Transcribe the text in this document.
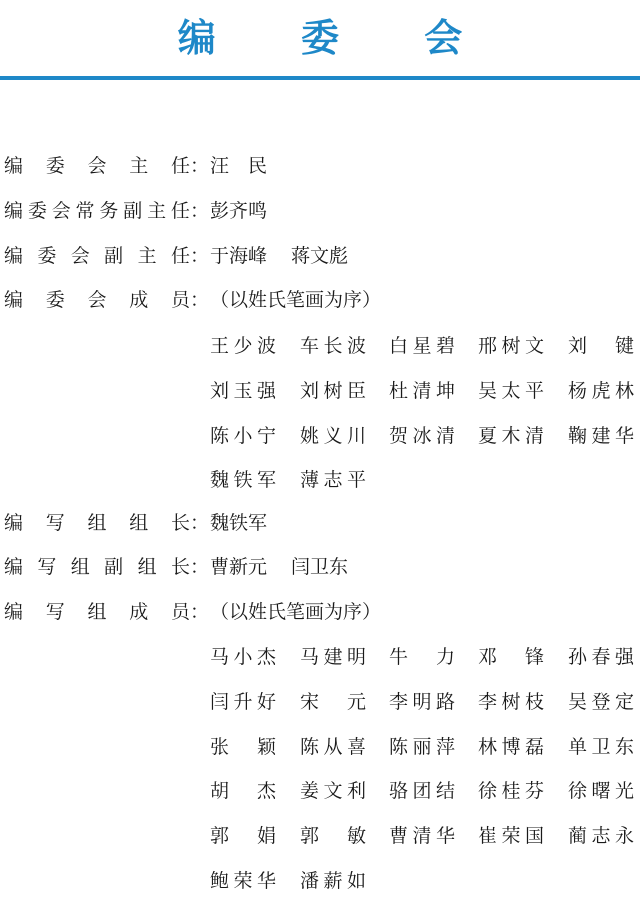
编 委 会
编 委 会 主 任 ： 汪　民
编 委 会 常 务 副 主 任 ： 彭齐鸣
编 委 会 副 主 任 ： 于海峰 蒋文彪
编 委 会 成 员 ： （以姓氏笔画为序）
王 少 波 车 长 波 白 星 碧 邢 树 文 刘 键
刘 玉 强 刘 树 臣 杜 清 坤 吴 太 平 杨 虎 林
陈 小 宁 姚 义 川 贺 冰 清 夏 木 清 鞠 建 华
魏 铁 军 薄 志 平
编 写 组 组 长 ： 魏铁军
编 写 组 副 组 长 ： 曹新元 闫卫东
编 写 组 成 员 ： （以姓氏笔画为序）
马 小 杰 马 建 明 牛 力 邓 锋 孙 春 强
闫 升 好 宋 元 李 明 路 李 树 枝 吴 登 定
张 颖 陈 从 喜 陈 丽 萍 林 博 磊 单 卫 东
胡 杰 姜 文 利 骆 团 结 徐 桂 芬 徐 曙 光
郭 娟 郭 敏 曹 清 华 崔 荣 国 蔺 志 永
鲍 荣 华 潘 薪 如
